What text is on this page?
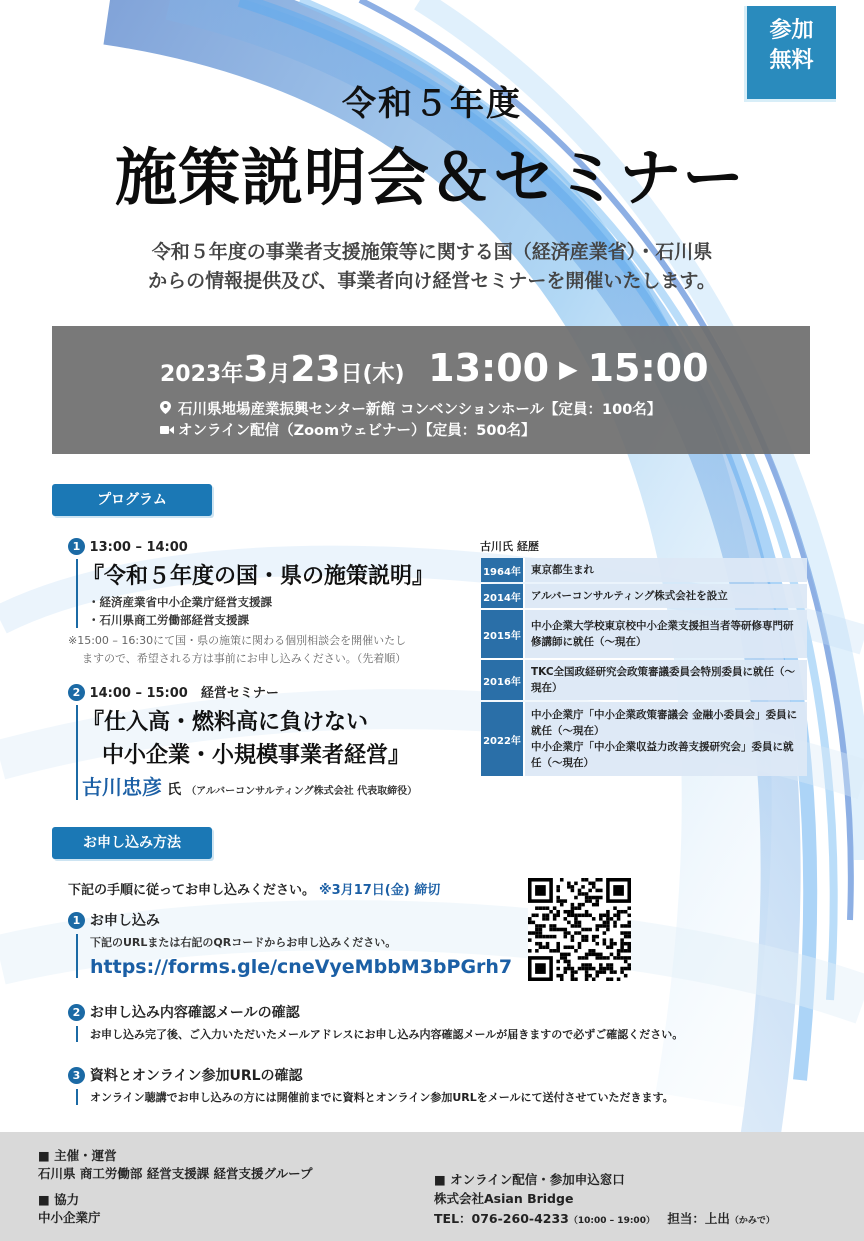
参加
無料
令和５年度
施策説明会＆セミナー
令和５年度の事業者支援施策等に関する国（経済産業省）・石川県
からの情報提供及び、事業者向け経営セミナーを開催いたします。
2023年3月23日(木) 13:00 ▶ 15:00
石川県地場産業振興センター新館 コンベンションホール【定員：100名】
オンライン配信（Zoomウェビナー）【定員：500名】
プログラム
1 13:00 – 14:00
『令和５年度の国・県の施策説明』
・経済産業省中小企業庁経営支援課
・石川県商工労働部経営支援課
※15:00 – 16:30にて国・県の施策に関わる個別相談会を開催いたし
ますので、希望される方は事前にお申し込みください。（先着順）
2 14:00 – 15:00　経営セミナー
『仕入高・燃料高に負けない
中小企業・小規模事業者経営』
古川忠彦 氏 （アルバーコンサルティング株式会社 代表取締役）
古川氏 経歴
1964年	東京都生まれ

2014年	アルバーコンサルティング株式会社を設立

2015年	中小企業大学校東京校中小企業支援担当者等研修専門研修講師に就任（〜現在）

2016年	TKC全国政経研究会政策審議委員会特別委員に就任（〜現在）

2022年	中小企業庁「中小企業政策審議会 金融小委員会」委員に就任（〜現在）
中小企業庁「中小企業収益力改善支援研究会」委員に就任（〜現在）
お申し込み方法
下記の手順に従ってお申し込みください。 ※3月17日(金) 締切
1 お申し込み
下記のURLまたは右記のQRコードからお申し込みください。
https://forms.gle/cneVyeMbbM3bPGrh7
2 お申し込み内容確認メールの確認
お申し込み完了後、ご入力いただいたメールアドレスにお申し込み内容確認メールが届きますので必ずご確認ください。
3 資料とオンライン参加URLの確認
オンライン聴講でお申し込みの方には開催前までに資料とオンライン参加URLをメールにて送付させていただきます。
■ 主催・運営
石川県 商工労働部 経営支援課 経営支援グループ
■ 協力
中小企業庁
■ オンライン配信・参加申込窓口
株式会社Asian Bridge
TEL：076-260-4233（10:00 – 19:00） 担当：上出（かみで）
